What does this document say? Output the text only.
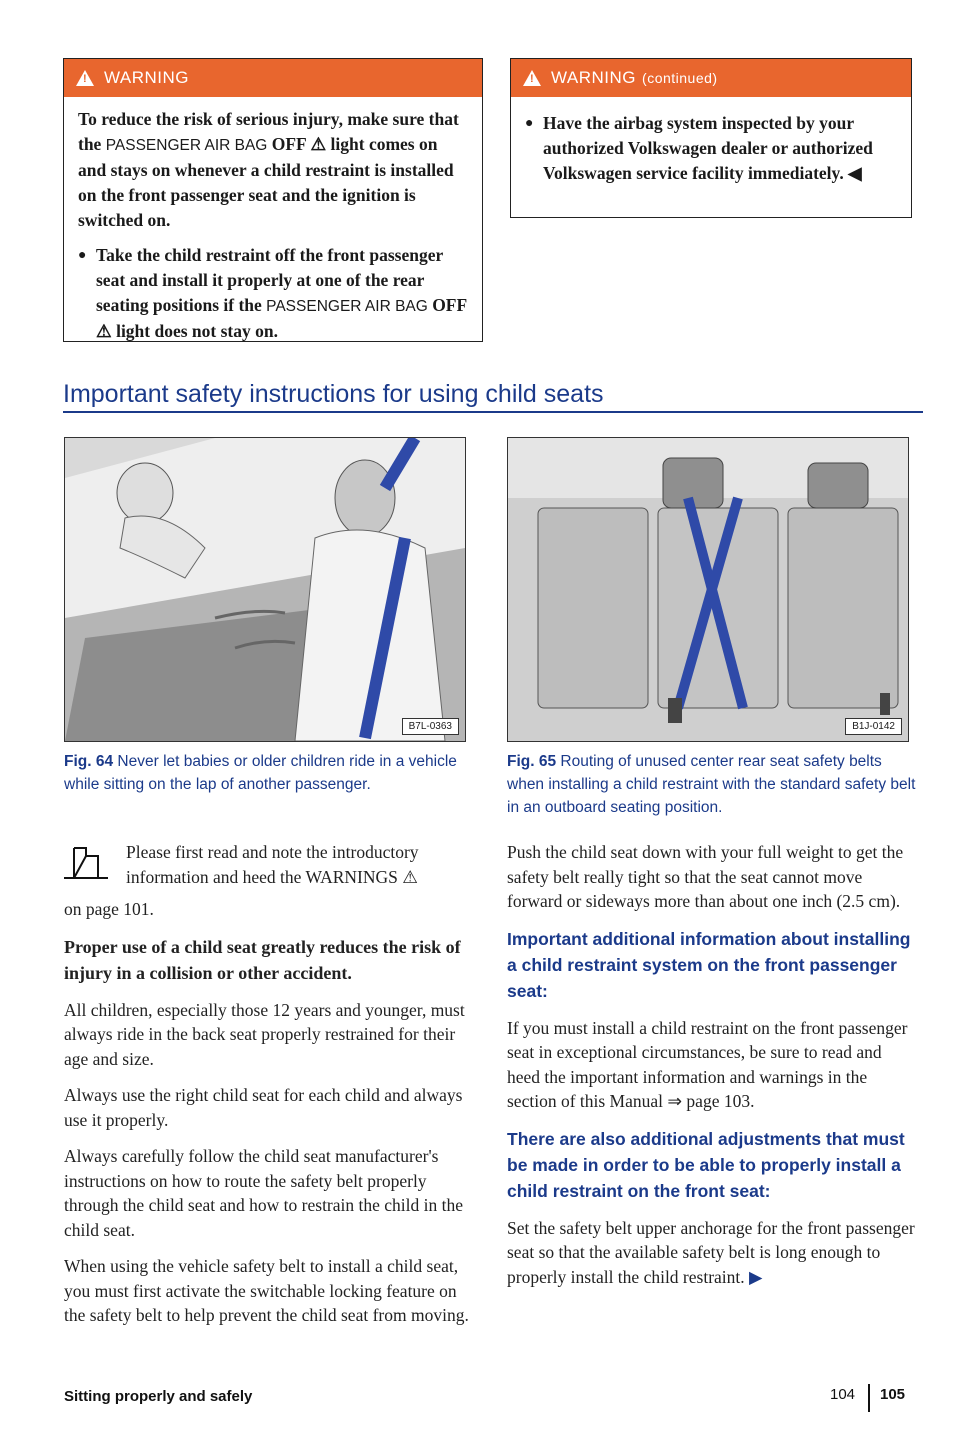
!
WARNING

To reduce the risk of serious injury, make sure that the PASSENGER AIR BAG OFF ⚠ light comes on and stays on whenever a child restraint is installed on the front passenger seat and the ignition is switched on.

● Take the child restraint off the front passenger seat and install it properly at one of the rear seating positions if the PASSENGER AIR BAG OFF ⚠ light does not stay on.
!
WARNING (continued)
● Have the airbag system inspected by your authorized Volkswagen dealer or authorized Volkswagen service facility immediately. ◀
Important safety instructions for using child seats
B7L-0363
Fig. 64 Never let babies or older children ride in a vehicle while sitting on the lap of another passenger.
B1J-0142
Fig. 65 Routing of unused center rear seat safety belts when installing a child restraint with the standard safety belt in an outboard seating position.
Please first read and note the introductory information and heed the WARNINGS ⚠

on page 101.

Proper use of a child seat greatly reduces the risk of injury in a collision or other accident.

All children, especially those 12 years and younger, must always ride in the back seat properly restrained for their age and size.

Always use the right child seat for each child and always use it properly.

Always carefully follow the child seat manufacturer's instructions on how to route the safety belt properly through the child seat and how to restrain the child in the child seat.

When using the vehicle safety belt to install a child seat, you must first activate the switchable locking feature on the safety belt to help prevent the child seat from moving.

Push the child seat down with your full weight to get the safety belt really tight so that the seat cannot move forward or sideways more than about one inch (2.5 cm).

Important additional information about installing a child restraint system on the front passenger seat:

If you must install a child restraint on the front passenger seat in exceptional circumstances, be sure to read and heed the important information and warnings in the section of this Manual ⇒ page 103.

There are also additional adjustments that must be made in order to be able to properly install a child restraint on the front seat:

Set the safety belt upper anchorage for the front passenger seat so that the available safety belt is long enough to properly install the child restraint. ▶

Sitting properly and safely	104 105
